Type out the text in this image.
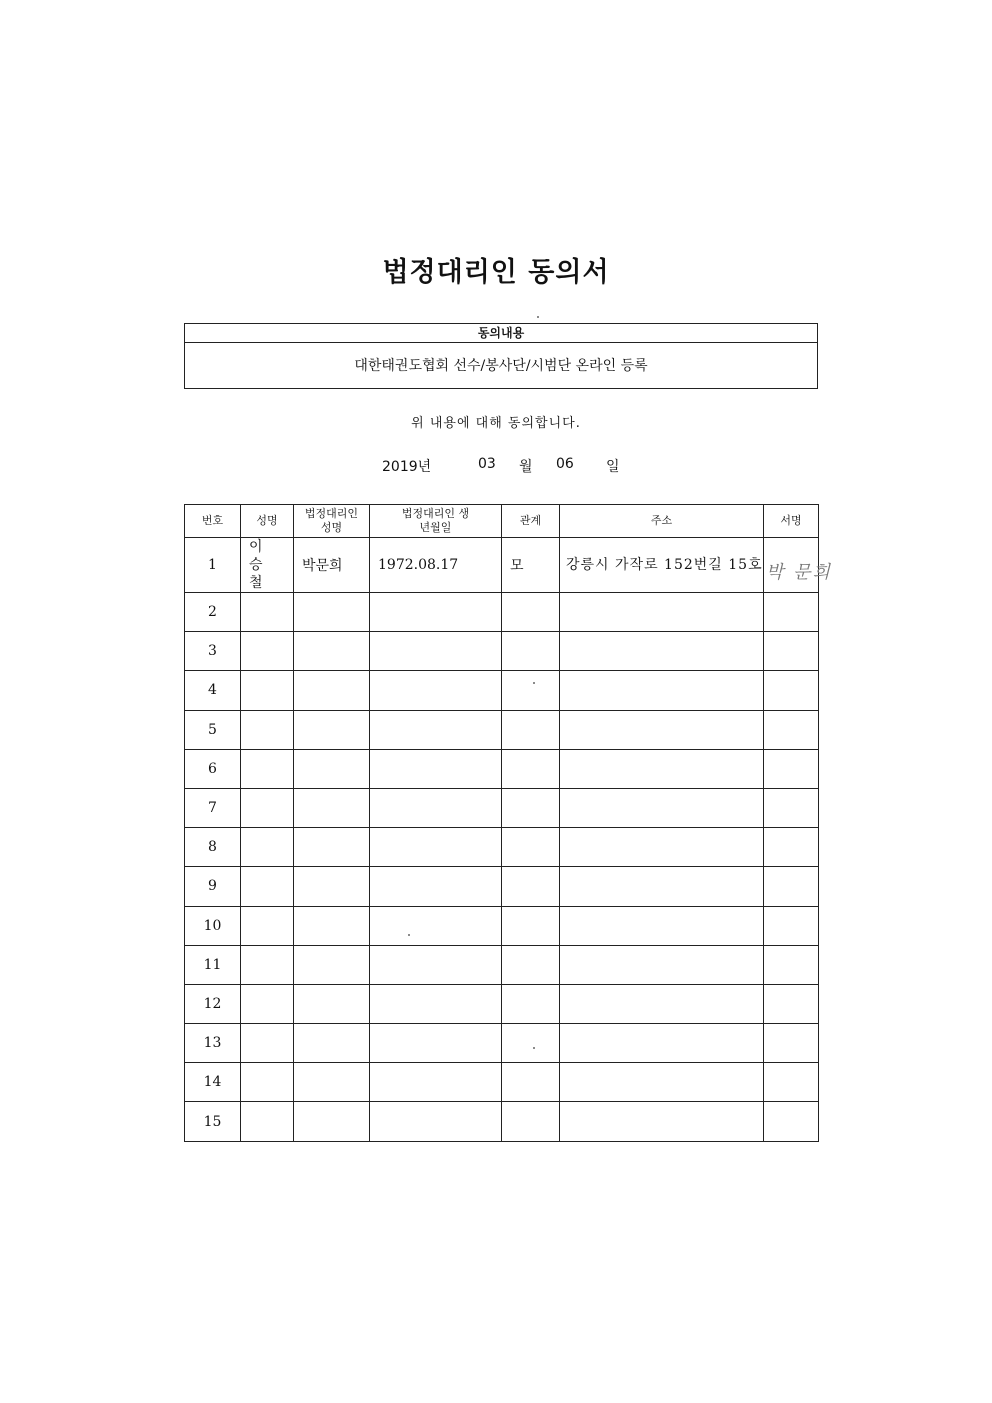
법정대리인 동의서
동의내용
대한태권도협회 선수/봉사단/시범단 온라인 등록
위 내용에 대해 동의합니다.
2019년	03 월 06 일
번호	성명	법정대리인 성명	법정대리인 생년월일	관계	주소	서명
1	이 승 철	박문희	1972.08.17	모	강릉시 가작로 152번길 15호	박 문희
2						
3						
4						
5						
6						
7						
8						
9						
10						
11						
12						
13						
14						
15						
